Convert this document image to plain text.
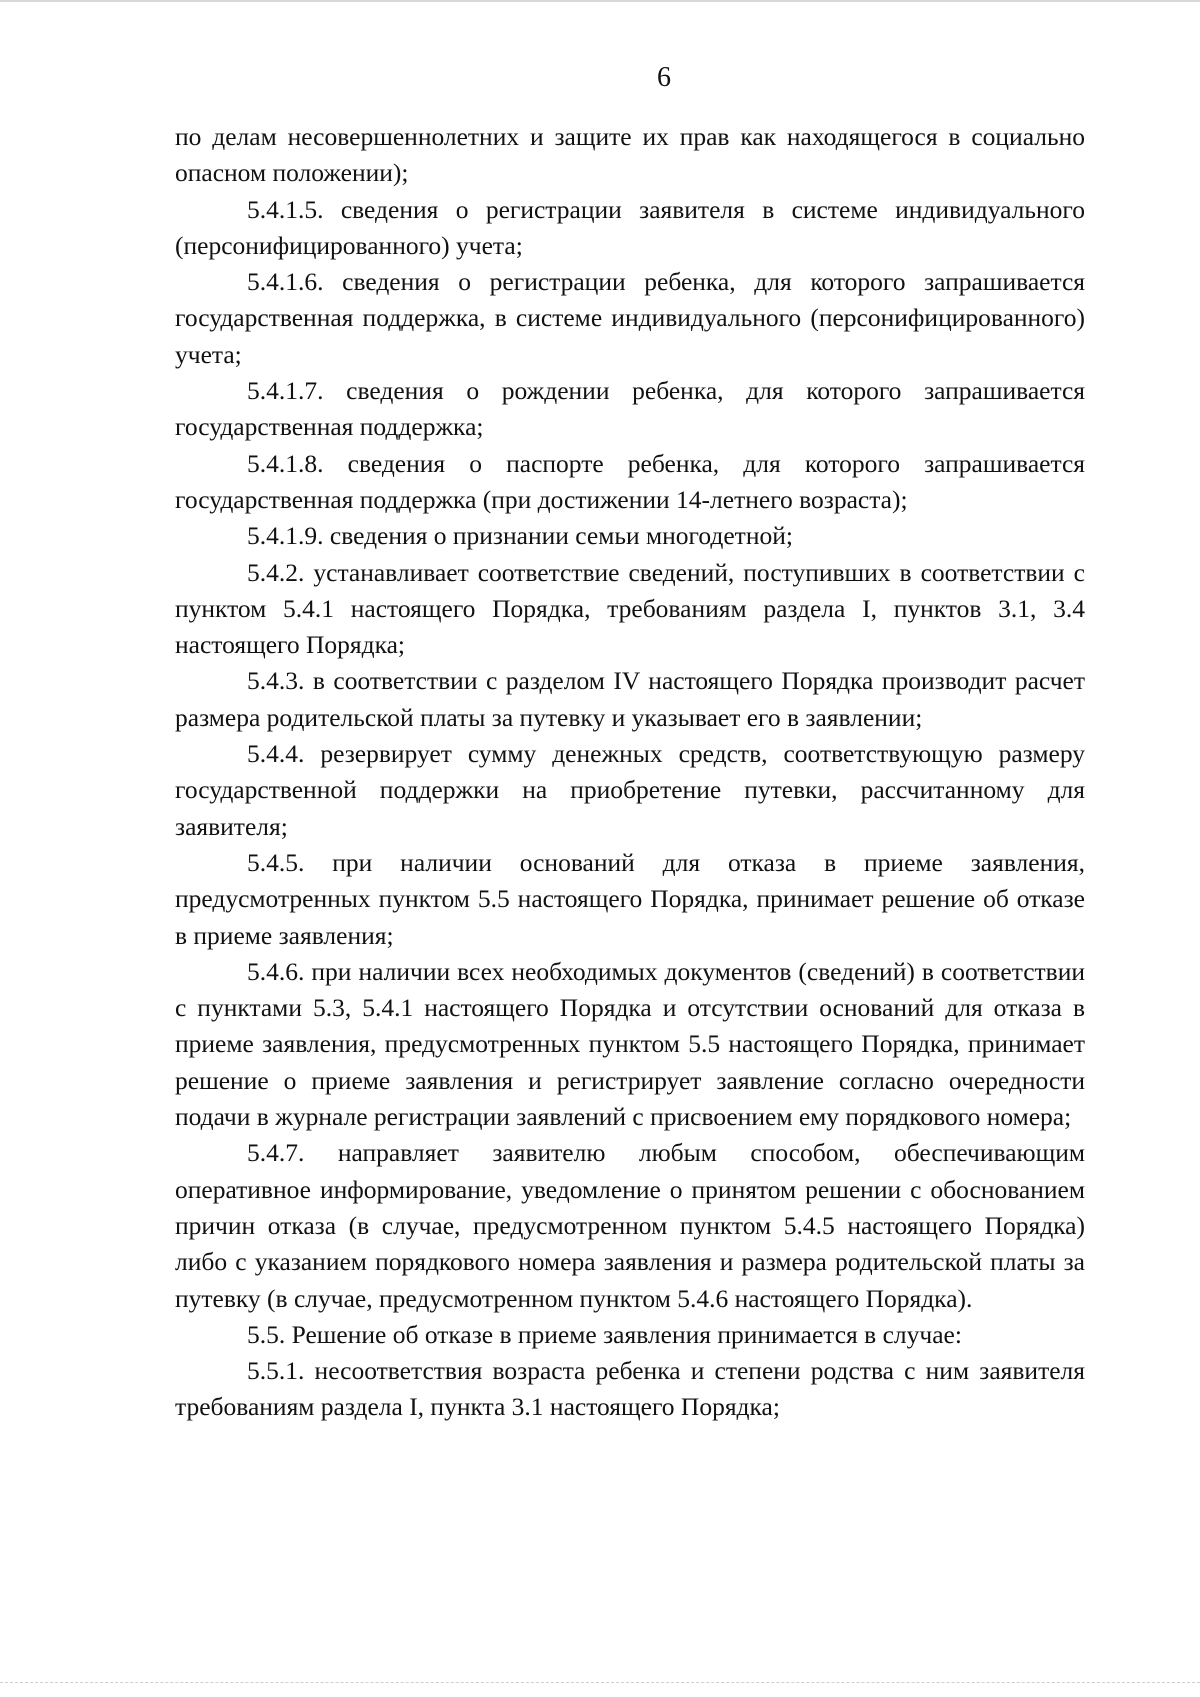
6

по делам несовершеннолетних и защите их прав как находящегося в социально опасном положении);

5.4.1.5. сведения о регистрации заявителя в системе индивидуального (персонифицированного) учета;

5.4.1.6. сведения о регистрации ребенка, для которого запрашивается государственная поддержка, в системе индивидуального (персонифицированного) учета;

5.4.1.7. сведения о рождении ребенка, для которого запрашивается государственная поддержка;

5.4.1.8. сведения о паспорте ребенка, для которого запрашивается государственная поддержка (при достижении 14-летнего возраста);

5.4.1.9. сведения о признании семьи многодетной;

5.4.2. устанавливает соответствие сведений, поступивших в соответствии с пунктом 5.4.1 настоящего Порядка, требованиям раздела I, пунктов 3.1, 3.4 настоящего Порядка;

5.4.3. в соответствии с разделом IV настоящего Порядка производит расчет размера родительской платы за путевку и указывает его в заявлении;

5.4.4. резервирует сумму денежных средств, соответствующую размеру государственной поддержки на приобретение путевки, рассчитанному для заявителя;

5.4.5. при наличии оснований для отказа в приеме заявления, предусмотренных пунктом 5.5 настоящего Порядка, принимает решение об отказе в приеме заявления;

5.4.6. при наличии всех необходимых документов (сведений) в соответствии с пунктами 5.3, 5.4.1 настоящего Порядка и отсутствии оснований для отказа в приеме заявления, предусмотренных пунктом 5.5 настоящего Порядка, принимает решение о приеме заявления и регистрирует заявление согласно очередности подачи в журнале регистрации заявлений с присвоением ему порядкового номера;

5.4.7. направляет заявителю любым способом, обеспечивающим оперативное информирование, уведомление о принятом решении с обоснованием причин отказа (в случае, предусмотренном пунктом 5.4.5 настоящего Порядка) либо с указанием порядкового номера заявления и размера родительской платы за путевку (в случае, предусмотренном пунктом 5.4.6 настоящего Порядка).

5.5. Решение об отказе в приеме заявления принимается в случае:

5.5.1. несоответствия возраста ребенка и степени родства с ним заявителя требованиям раздела I, пункта 3.1 настоящего Порядка;
